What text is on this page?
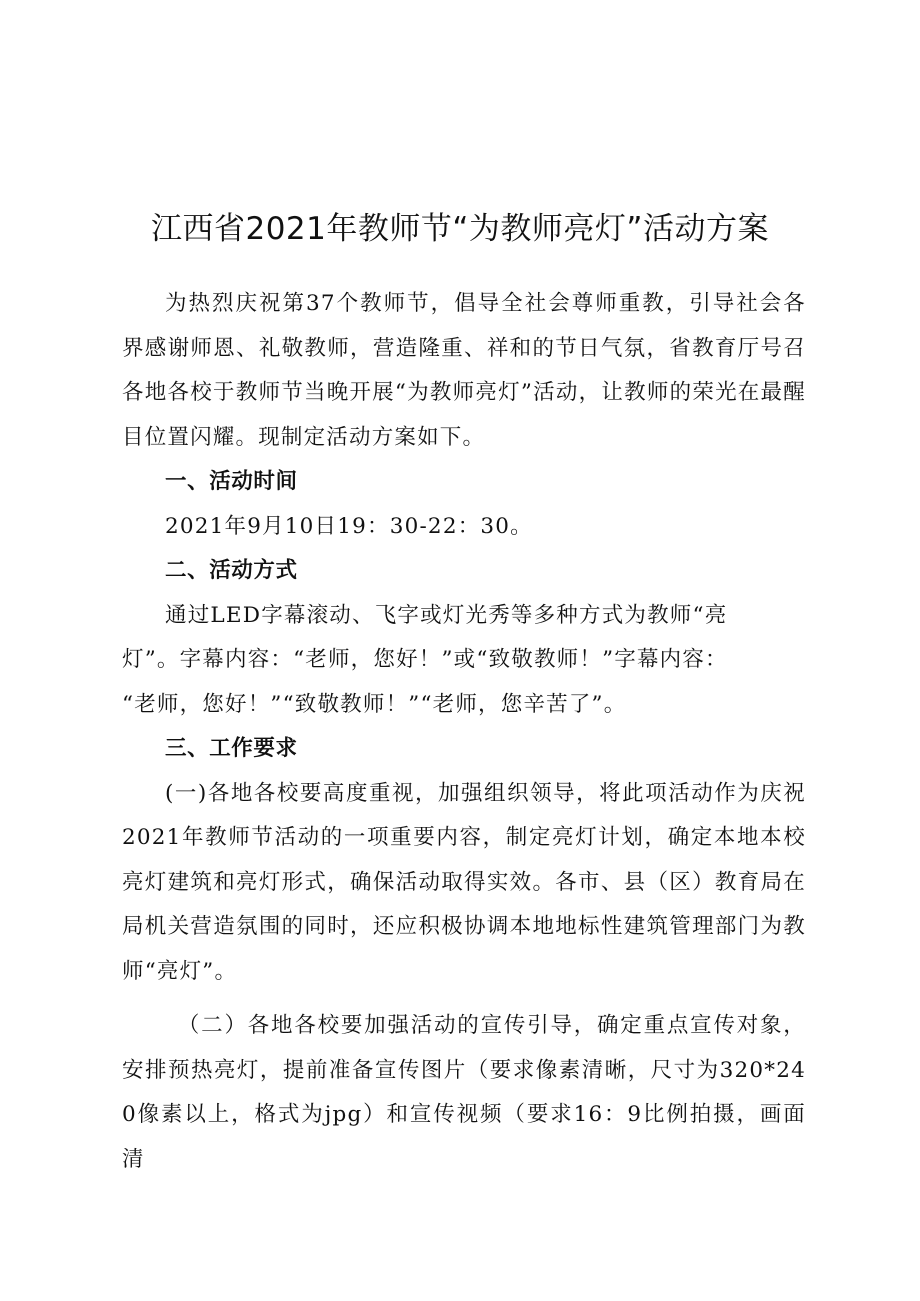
江西省2021年教师节“为教师亮灯”活动方案

为热烈庆祝第37个教师节，倡导全社会尊师重教，引导社会各界感谢师恩、礼敬教师，营造隆重、祥和的节日气氛，省教育厅号召各地各校于教师节当晚开展“为教师亮灯”活动，让教师的荣光在最醒目位置闪耀。现制定活动方案如下。

一、活动时间

2021年9月10日19：30-22：30。

二、活动方式

通过LED字幕滚动、飞字或灯光秀等多种方式为教师“亮
灯”。字幕内容：“老师，您好！”或“致敬教师！”字幕内容：
“老师，您好！”“致敬教师！”“老师，您辛苦了”。

三、工作要求

(一)各地各校要高度重视，加强组织领导，将此项活动作为庆祝2021年教师节活动的一项重要内容，制定亮灯计划，确定本地本校亮灯建筑和亮灯形式，确保活动取得实效。各市、县（区）教育局在局机关营造氛围的同时，还应积极协调本地地标性建筑管理部门为教师“亮灯”。

（二）各地各校要加强活动的宣传引导，确定重点宣传对象，安排预热亮灯，提前准备宣传图片（要求像素清晰，尺寸为320*240像素以上，格式为jpg）和宣传视频（要求16：9比例拍摄，画面清
